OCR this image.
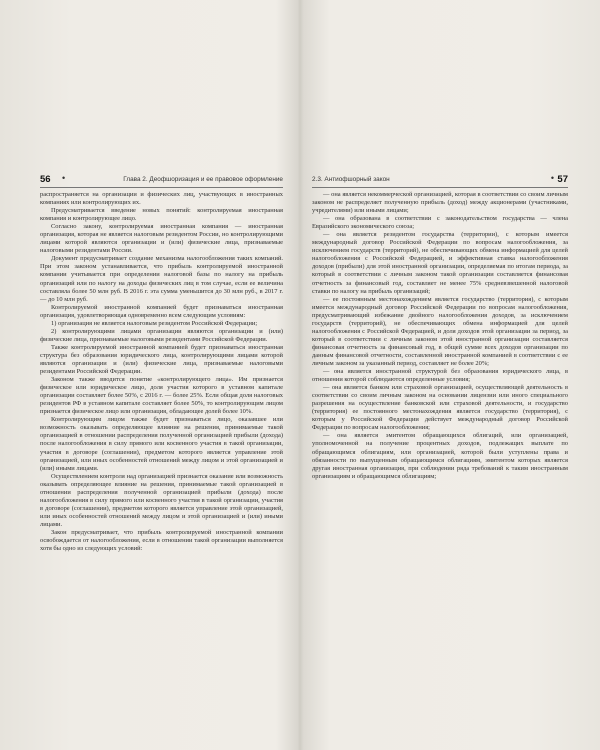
56 •	Глава 2. Деофшоризация и ее правовое оформление

распространяется на организации и физических лиц, участвующих в иностранных компаниях или контролирующих их.

Предусматривается введение новых понятий: контролируемая иностранная компания и контролирующее лицо.

Согласно закону, контролируемая иностранная компания — иностранная организация, которая не является налоговым резидентом России, но контролирующими лицами которой являются организации и (или) физические лица, признаваемые налоговыми резидентами России.

Документ предусматривает создание механизма налогообложения таких компаний. При этом законом устанавливается, что прибыль контролируемой иностранной компании учитывается при определении налоговой базы по налогу на прибыль организаций или по налогу на доходы физических лиц в том случае, если ее величина составляла более 50 млн руб. В 2016 г. эта сумма уменьшится до 30 млн руб., в 2017 г. — до 10 млн руб.

Контролируемой иностранной компанией будет признаваться иностранная организация, удовлетворяющая одновременно всем следующим условиям:

1) организация не является налоговым резидентом Российской Федерации;

2) контролирующими лицами организации являются организации и (или) физические лица, признаваемые налоговыми резидентами Российской Федерации.

Также контролируемой иностранной компанией будет признаваться иностранная структура без образования юридического лица, контролирующими лицами которой являются организации и (или) физические лица, признаваемые налоговыми резидентами Российской Федерации.

Законом также вводится понятие «контролирующего лица». Им признается физическое или юридическое лицо, доля участия которого в уставном капитале организации составляет более 50%, с 2016 г. — более 25%. Если общая доля налоговых резидентов РФ в уставном капитале составляет более 50%, то контролирующим лицом признается физическое лицо или организация, обладающее долей более 10%.

Контролирующим лицом также будет признаваться лицо, оказавшее или возможность оказывать определяющее влияние на решения, принимаемые такой организацией в отношении распределения полученной организацией прибыли (дохода) после налогообложения в силу прямого или косвенного участия в такой организации, участия в договоре (соглашении), предметом которого является управление этой организацией, или иных особенностей отношений между лицом и этой организацией и (или) иными лицами.

Осуществлением контроля над организацией признается оказание или возможность оказывать определяющее влияние на решения, принимаемые такой организацией в отношении распределения полученной организацией прибыли (дохода) после налогообложения в силу прямого или косвенного участия в такой организации, участия в договоре (соглашении), предметом которого является управление этой организацией, или иных особенностей отношений между лицом и этой организацией и (или) иными лицами.

Закон предусматривает, что прибыль контролируемой иностранной компании освобождается от налогообложения, если в отношении такой организации выполняется хотя бы одно из следующих условий:

2.3. Антиофшорный закон	• 57

— она является некоммерческой организацией, которая в соответствии со своим личным законом не распределяет полученную прибыль (доход) между акционерами (участниками, учредителями) или иными лицами;

— она образована в соответствии с законодательством государства — члена Евразийского экономического союза;

— она является резидентом государства (территории), с которым имеется международный договор Российской Федерации по вопросам налогообложения, за исключением государств (территорий), не обеспечивающих обмена информацией для целей налогообложения с Российской Федерацией, и эффективная ставка налогообложения доходов (прибыли) для этой иностранной организации, определяемая по итогам периода, за который в соответствии с личным законом такой организации составляется финансовая отчетность за финансовый год, составляет не менее 75% средневзвешенной налоговой ставки по налогу на прибыль организаций;

— ее постоянным местонахождением является государство (территория), с которым имеется международный договор Российской Федерации по вопросам налогообложения, предусматривающий избежание двойного налогообложения доходов, за исключением государств (территорий), не обеспечивающих обмена информацией для целей налогообложения с Российской Федерацией, и доля доходов этой организации за период, за который в соответствии с личным законом этой иностранной организации составляется финансовая отчетность за финансовый год, в общей сумме всех доходов организации по данным финансовой отчетности, составленной иностранной компанией в соответствии с ее личным законом за указанный период, составляет не более 20%;

— она является иностранной структурой без образования юридического лица, в отношении которой соблюдаются определенные условия;

— она является банком или страховой организацией, осуществляющей деятельность в соответствии со своим личным законом на основании лицензии или иного специального разрешения на осуществление банковской или страховой деятельности, и государство (территория) ее постоянного местонахождения является государство (территория), с которым у Российской Федерации действует международный договор Российской Федерации по вопросам налогообложения;

— она является эмитентом обращающихся облигаций, или организацией, уполномоченной на получение процентных доходов, подлежащих выплате по обращающимся облигациям, или организацией, которой были уступлены права и обязанности по выпущенным обращающимся облигациям, эмитентом которых является другая иностранная организация, при соблюдении ряда требований к таким иностранным организациям и обращающимся облигациям;
